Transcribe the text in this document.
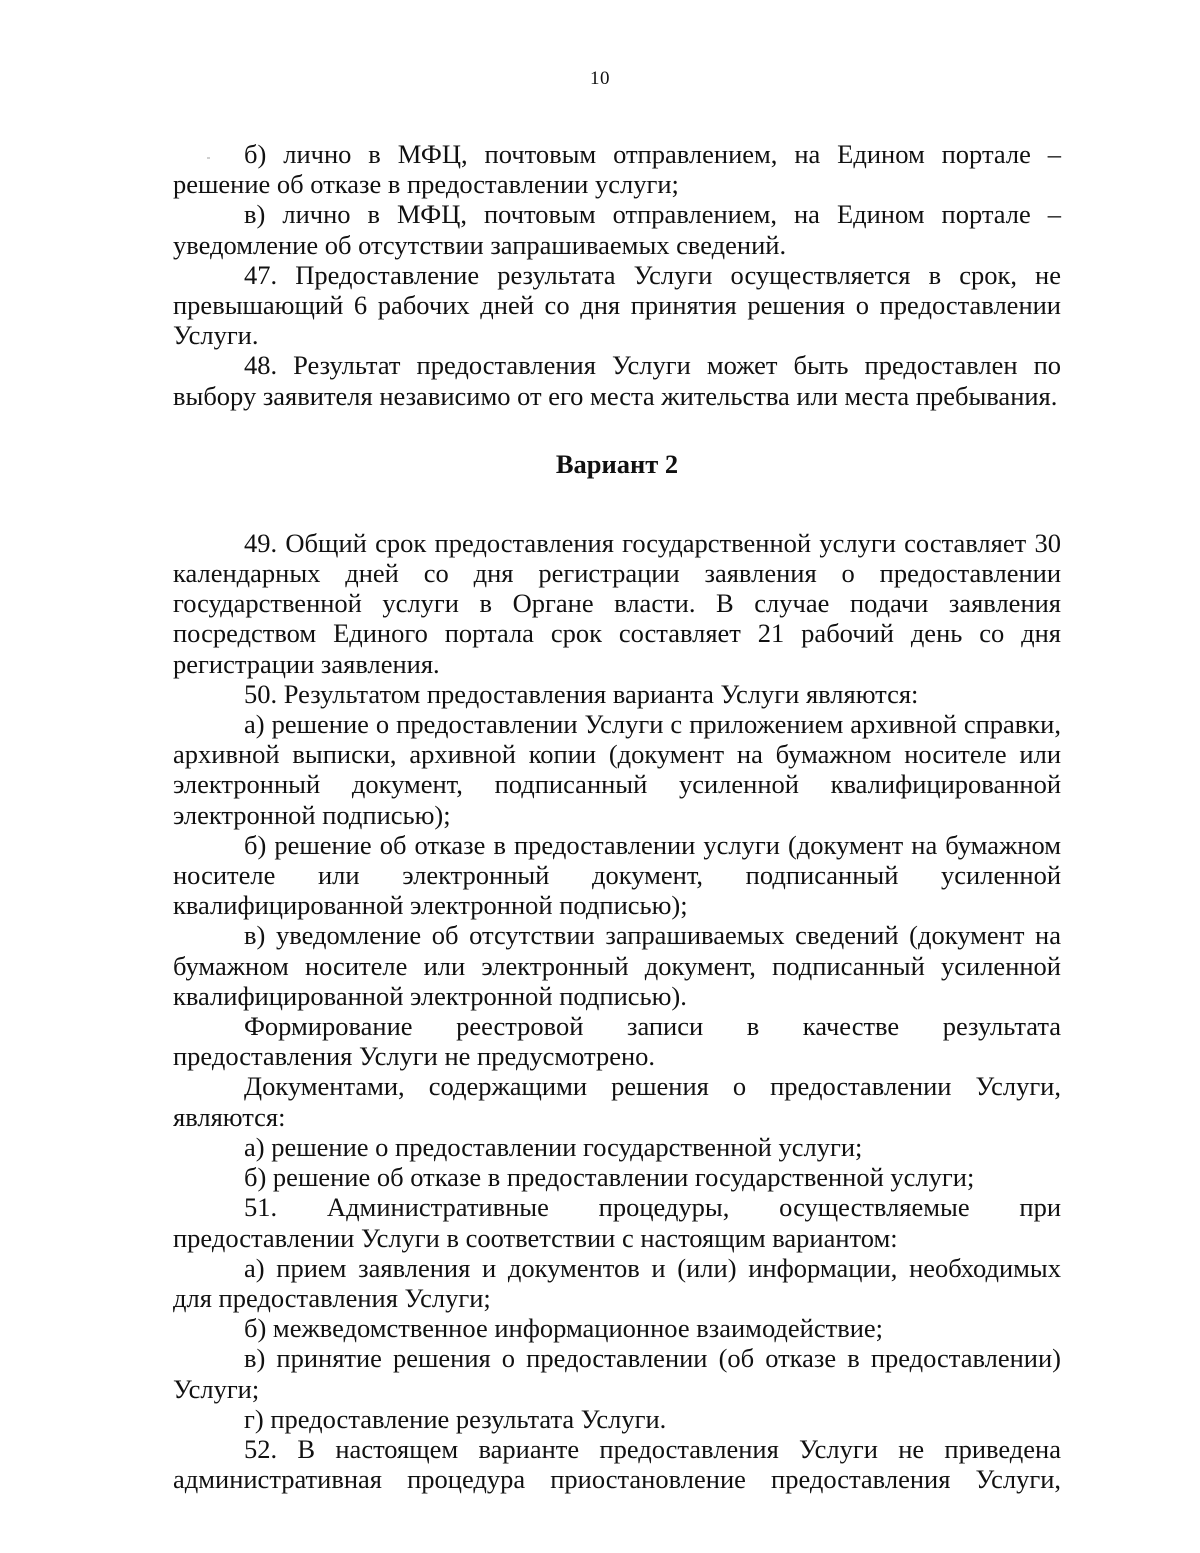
10

б) лично в МФЦ, почтовым отправлением, на Едином портале – решение об отказе в предоставлении услуги;

в) лично в МФЦ, почтовым отправлением, на Едином портале – уведомление об отсутствии запрашиваемых сведений.

47. Предоставление результата Услуги осуществляется в срок, не превышающий 6 рабочих дней со дня принятия решения о предоставлении Услуги.

48. Результат предоставления Услуги может быть предоставлен по выбору заявителя независимо от его места жительства или места пребывания.

Вариант 2

49. Общий срок предоставления государственной услуги составляет 30 календарных дней со дня регистрации заявления о предоставлении государственной услуги в Органе власти. В случае подачи заявления посредством Единого портала срок составляет 21 рабочий день со дня регистрации заявления.

50. Результатом предоставления варианта Услуги являются:

а) решение о предоставлении Услуги с приложением архивной справки, архивной выписки, архивной копии (документ на бумажном носителе или электронный документ, подписанный усиленной квалифицированной электронной подписью);

б) решение об отказе в предоставлении услуги (документ на бумажном носителе или электронный документ, подписанный усиленной квалифицированной электронной подписью);

в) уведомление об отсутствии запрашиваемых сведений (документ на бумажном носителе или электронный документ, подписанный усиленной квалифицированной электронной подписью).

Формирование реестровой записи в качестве результата предоставления Услуги не предусмотрено.

Документами, содержащими решения о предоставлении Услуги, являются:

а) решение о предоставлении государственной услуги;

б) решение об отказе в предоставлении государственной услуги;

51. Административные процедуры, осуществляемые при предоставлении Услуги в соответствии с настоящим вариантом:

а) прием заявления и документов и (или) информации, необходимых для предоставления Услуги;

б) межведомственное информационное взаимодействие;

в) принятие решения о предоставлении (об отказе в предоставлении) Услуги;

г) предоставление результата Услуги.

52. В настоящем варианте предоставления Услуги не приведена административная процедура приостановление предоставления Услуги,
